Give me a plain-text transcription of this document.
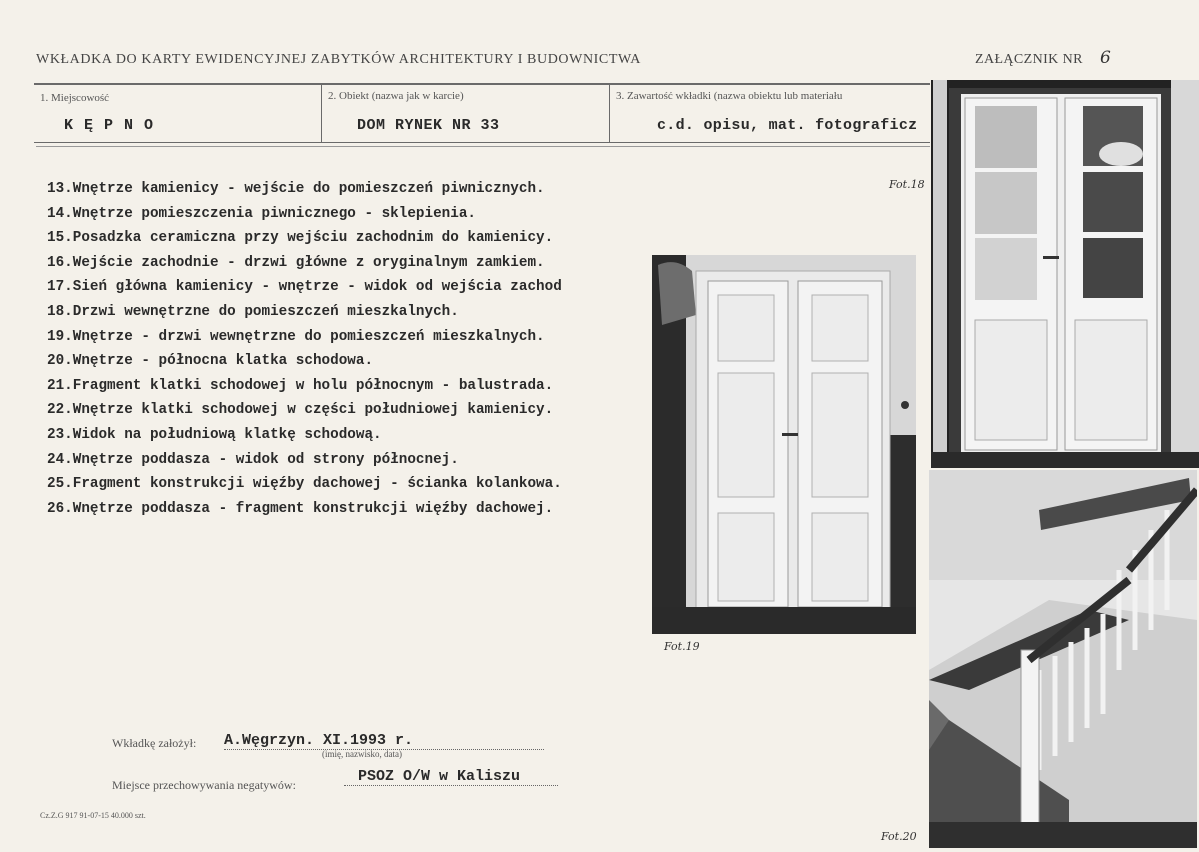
WKŁADKA DO KARTY EWIDENCYJNEJ ZABYTKÓW ARCHITEKTURY I BUDOWNICTWA	ZAŁĄCZNIK NR 6
1. Miejscowość
K Ę P N O
2. Obiekt (nazwa jak w karcie)
DOM RYNEK NR 33
3. Zawartość wkładki (nazwa obiektu lub materiału
c.d. opisu, mat. fotograficz
13.Wnętrze kamienicy - wejście do pomieszczeń piwnicznych.
14.Wnętrze pomieszczenia piwnicznego - sklepienia.
15.Posadzka ceramiczna przy wejściu zachodnim do kamienicy.
16.Wejście zachodnie - drzwi główne z oryginalnym zamkiem.
17.Sień główna kamienicy - wnętrze - widok od wejścia zachod
18.Drzwi wewnętrzne do pomieszczeń mieszkalnych.
19.Wnętrze - drzwi wewnętrzne do pomieszczeń mieszkalnych.
20.Wnętrze - północna klatka schodowa.
21.Fragment klatki schodowej w holu północnym - balustrada.
22.Wnętrze klatki schodowej w części południowej kamienicy.
23.Widok na południową klatkę schodową.
24.Wnętrze poddasza - widok od strony północnej.
25.Fragment konstrukcji więźby dachowej - ścianka kolankowa.
26.Wnętrze poddasza - fragment konstrukcji więźby dachowej.
Fot.18
Fot.19
Fot.20
Wkładkę założył: A.Węgrzyn. XI.1993 r.
(imię, nazwisko, data)
Miejsce przechowywania negatywów:	PSOZ O/W w Kaliszu
Cz.Z.G 917 91-07-15 40.000 szt.
